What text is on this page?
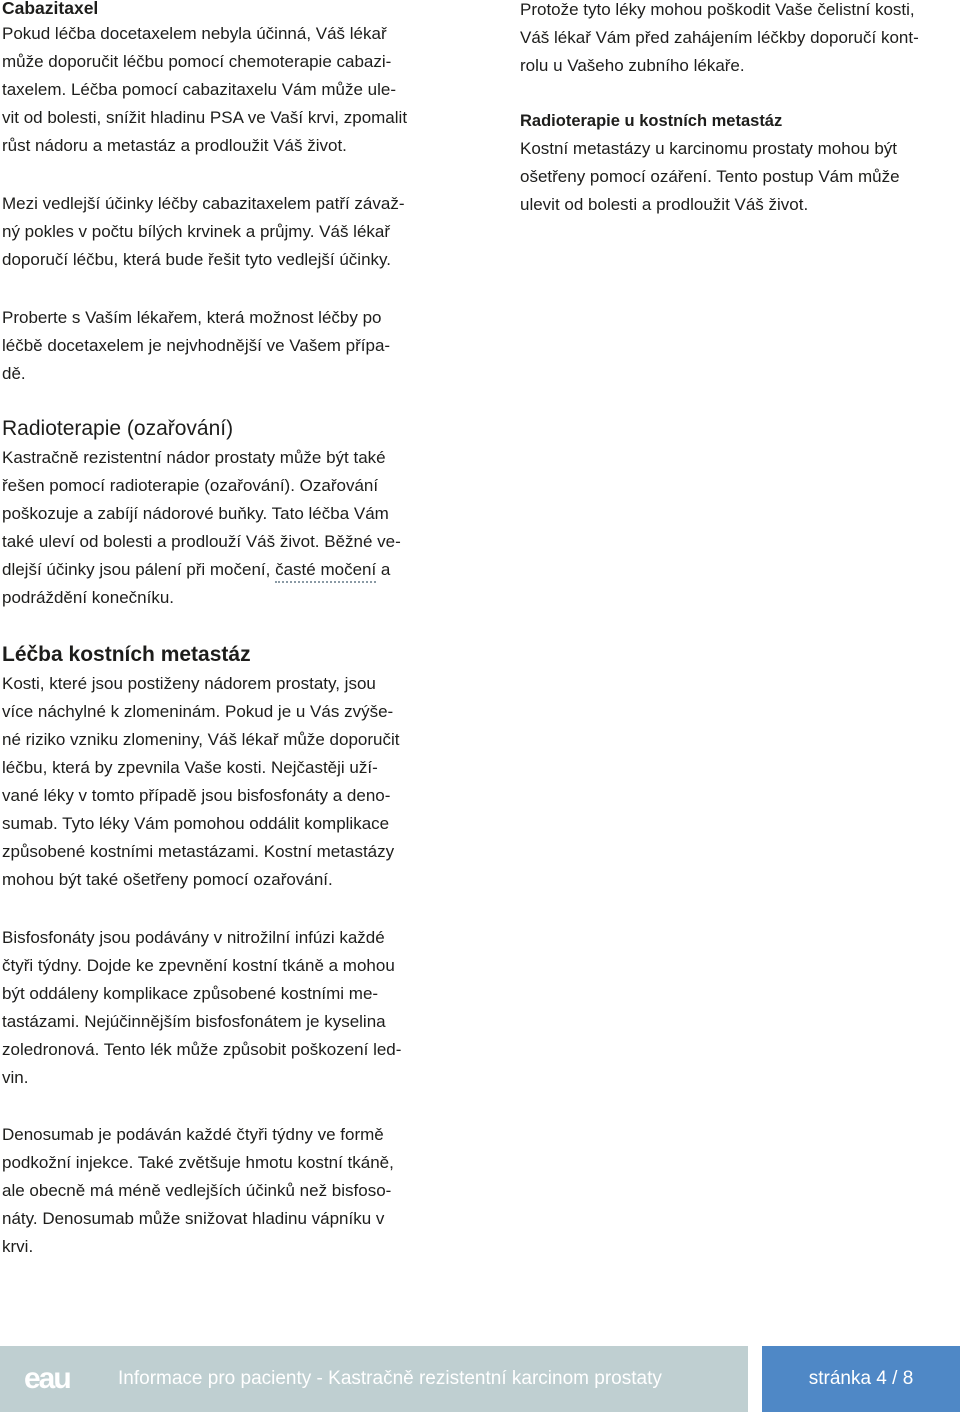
Cabazitaxel

Pokud léčba docetaxelem nebyla účinná, Váš lékař
může doporučit léčbu pomocí chemoterapie cabazi-
taxelem. Léčba pomocí cabazitaxelu Vám může ule-
vit od bolesti, snížit hladinu PSA ve Vaší krvi, zpomalit
růst nádoru a metastáz a prodloužit Váš život.

Mezi vedlejší účinky léčby cabazitaxelem patří závaž-
ný pokles v počtu bílých krvinek a průjmy. Váš lékař
doporučí léčbu, která bude řešit tyto vedlejší účinky.

Proberte s Vaším lékařem, která možnost léčby po
léčbě docetaxelem je nejvhodnější ve Vašem přípa-
dě.

Radioterapie (ozařování)

Kastračně rezistentní nádor prostaty může být také
řešen pomocí radioterapie (ozařování). Ozařování
poškozuje a zabíjí nádorové buňky. Tato léčba Vám
také uleví od bolesti a prodlouží Váš život. Běžné ve-
dlejší účinky jsou pálení při močení, časté močení a
podráždění konečníku.

Léčba kostních metastáz

Kosti, které jsou postiženy nádorem prostaty, jsou
více náchylné k zlomeninám. Pokud je u Vás zvýše-
né riziko vzniku zlomeniny, Váš lékař může doporučit
léčbu, která by zpevnila Vaše kosti. Nejčastěji uží-
vané léky v tomto případě jsou bisfosfonáty a deno-
sumab. Tyto léky Vám pomohou oddálit komplikace
způsobené kostními metastázami. Kostní metastázy
mohou být také ošetřeny pomocí ozařování.

Bisfosfonáty jsou podávány v nitrožilní infúzi každé
čtyři týdny. Dojde ke zpevnění kostní tkáně a mohou
být oddáleny komplikace způsobené kostními me-
tastázami. Nejúčinnějším bisfosfonátem je kyselina
zoledronová. Tento lék může způsobit poškození led-
vin.

Denosumab je podáván každé čtyři týdny ve formě
podkožní injekce. Také zvětšuje hmotu kostní tkáně,
ale obecně má méně vedlejších účinků než bisfoso-
náty. Denosumab může snižovat hladinu vápníku v
krvi.

Protože tyto léky mohou poškodit Vaše čelistní kosti,
Váš lékař Vám před zahájením léčkby doporučí kont-
rolu u Vašeho zubního lékaře.

Radioterapie u kostních metastáz

Kostní metastázy u karcinomu prostaty mohou být
ošetřeny pomocí ozáření. Tento postup Vám může
ulevit od bolesti a prodloužit Váš život.

eau	Informace pro pacienty - Kastračně rezistentní karcinom prostaty	stránka 4 / 8
